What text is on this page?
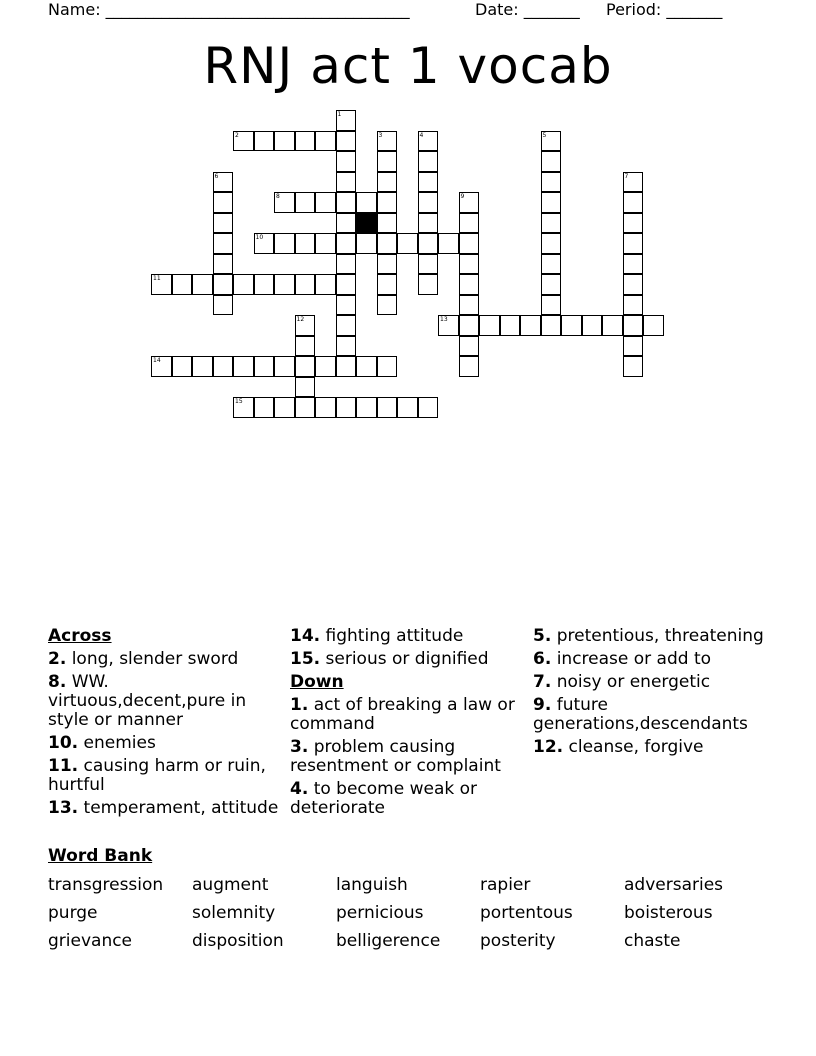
Name: ______________________________________	Date: _______ Period: _______
RNJ act 1 vocab
1
2	3	4	5
6	7
8	9
10
11
12	13
14
15
Across
2. long, slender sword
8. WW. virtuous,decent,pure in style or manner
10. enemies
11. causing harm or ruin, hurtful
13. temperament, attitude
14. fighting attitude
15. serious or dignified
Down
1. act of breaking a law or command
3. problem causing resentment or complaint
4. to become weak or deteriorate
5. pretentious, threatening
6. increase or add to
7. noisy or energetic
9. future generations,descendants
12. cleanse, forgive
Word Bank
transgression augment	languish	rapier	adversaries
purge	solemnity	pernicious	portentous	boisterous
grievance	disposition	belligerence posterity	chaste
